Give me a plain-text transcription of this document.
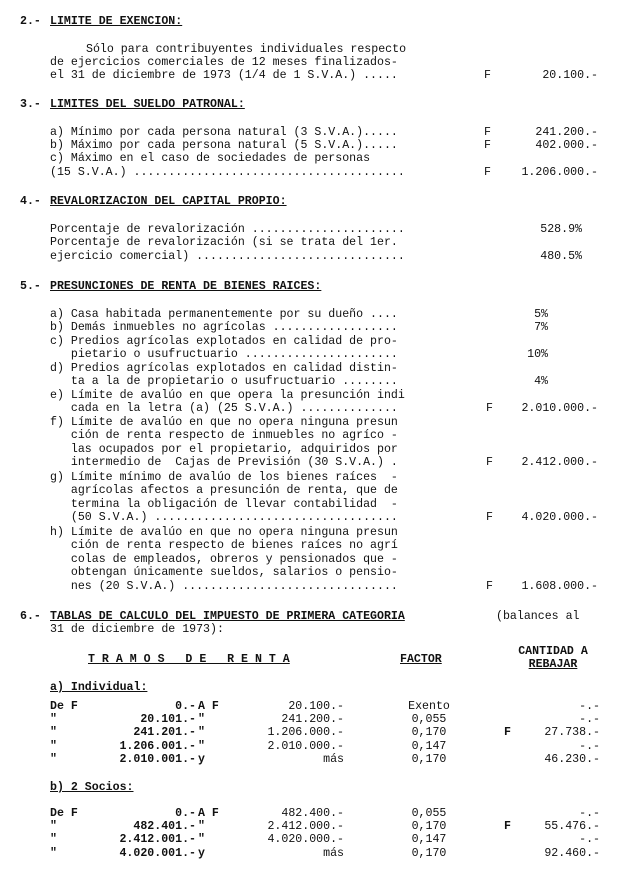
2.- LIMITE DE EXENCION:
Sólo para contribuyentes individuales respecto
de ejercicios comerciales de 12 meses finalizados-
el 31 de diciembre de 1973 (1/4 de 1 S.V.A.) .....	F	20.100.-
3.- LIMITES DEL SUELDO PATRONAL:
a) Mínimo por cada persona natural (3 S.V.A.).....	F	241.200.-
b) Máximo por cada persona natural (5 S.V.A.).....	F	402.000.-
c) Máximo en el caso de sociedades de personas
(15 S.V.A.) .......................................	F	1.206.000.-
4.- REVALORIZACION DEL CAPITAL PROPIO:
Porcentaje de revalorización ......................	528.9%
Porcentaje de revalorización (si se trata del 1er.
ejercicio comercial) ..............................	480.5%
5.- PRESUNCIONES DE RENTA DE BIENES RAICES:
a) Casa habitada permanentemente por su dueño ....	5%
b) Demás inmuebles no agrícolas ..................	7%
c) Predios agrícolas explotados en calidad de pro-
pietario o usufructuario ......................	10%
d) Predios agrícolas explotados en calidad distin-
ta a la de propietario o usufructuario ........	4%
e) Límite de avalúo en que opera la presunción indi
cada en la letra (a) (25 S.V.A.) ..............	F	2.010.000.-
f) Límite de avalúo en que no opera ninguna presun
ción de renta respecto de inmuebles no agríco -
las ocupados por el propietario, adquiridos por
intermedio de  Cajas de Previsión (30 S.V.A.) .	F	2.412.000.-
g) Límite mínimo de avalúo de los bienes raíces  -
agrícolas afectos a presunción de renta, que de
termina la obligación de llevar contabilidad  -
(50 S.V.A.) ...................................	F	4.020.000.-
h) Límite de avalúo en que no opera ninguna presun
ción de renta respecto de bienes raíces no agrí
colas de empleados, obreros y pensionados que -
obtengan únicamente sueldos, salarios o pensio-
nes (20 S.V.A.) ...............................	F	1.608.000.-
6.- TABLAS DE CALCULO DEL IMPUESTO DE PRIMERA CATEGORIA	(balances al
31 de diciembre de 1973):
T R A M O S   D E   R E N T A	FACTOR
CANTIDAD A
REBAJAR
a) Individual:
De F	0.- A F	20.100.-	Exento	-.-
"	20.101.- "	241.200.-	0,055	-.-
"	241.201.- "	1.206.000.-	0,170	F	27.738.-
"	1.206.001.- "	2.010.000.-	0,147	-.-
"	2.010.001.- y	más	0,170	46.230.-
b) 2 Socios:
De F	0.- A F	482.400.-	0,055	-.-
"	482.401.- "	2.412.000.-	0,170	F	55.476.-
"	2.412.001.- "	4.020.000.-	0,147	-.-
"	4.020.001.- y	más	0,170	92.460.-
